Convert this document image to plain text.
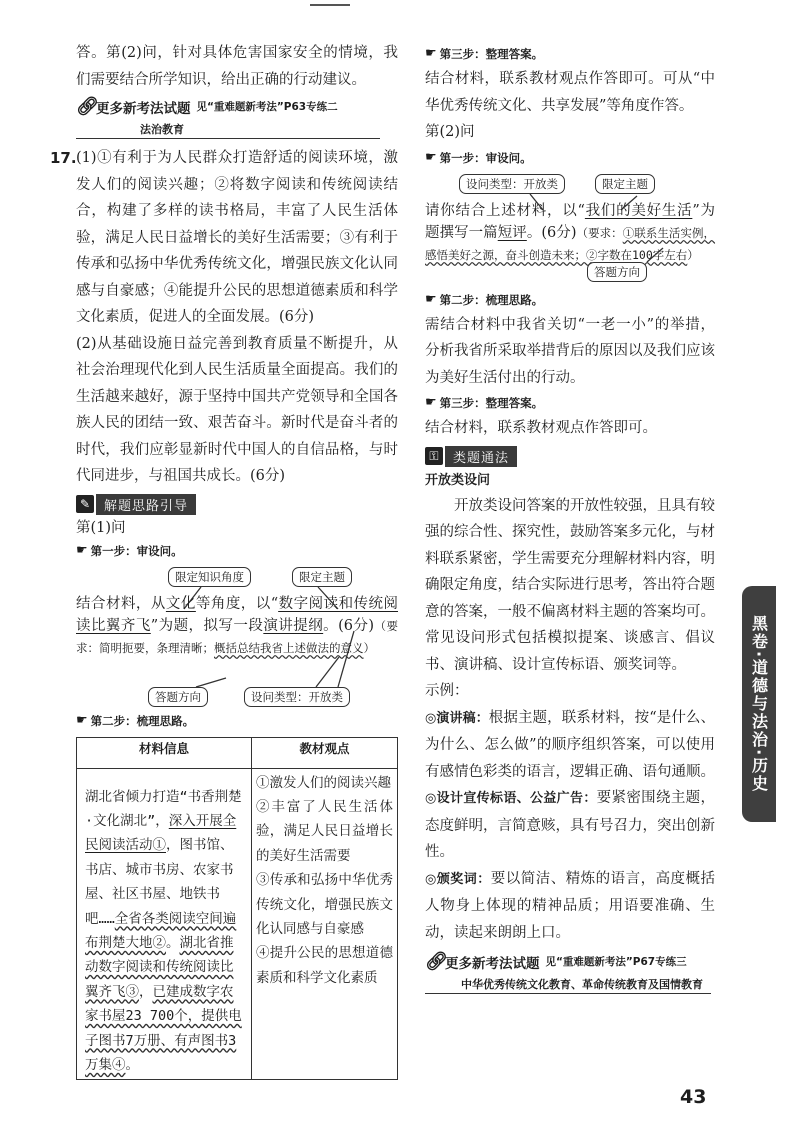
答。第(2)问，针对具体危害国家安全的情境，我们需要结合所学知识，给出正确的行动建议。

🔗︎
更多新考法试题 见“重难题新考法”P63专练二
法治教育
17. (1)①有利于为人民群众打造舒适的阅读环境，激发人们的阅读兴趣；②将数字阅读和传统阅读结合，构建了多样的读书格局，丰富了人民生活体验，满足人民日益增长的美好生活需要；③有利于传承和弘扬中华优秀传统文化，增强民族文化认同感与自豪感；④能提升公民的思想道德素质和科学文化素质，促进人的全面发展。(6分)

(2)从基础设施日益完善到教育质量不断提升，从社会治理现代化到人民生活质量全面提高。我们的生活越来越好，源于坚持中国共产党领导和全国各族人民的团结一致、艰苦奋斗。新时代是奋斗者的时代，我们应彰显新时代中国人的自信品格，与时代同进步，与祖国共成长。(6分)

✎	解题思路引导

第(1)问

☛ 第一步：审设问。
限定知识角度	限定主题

结合材料，从文化等角度，以“数字阅读和传统阅读比翼齐飞”为题，拟写一段演讲提纲。(6分)（要求：简明扼要，条理清晰；概括总结我省上述做法的意义）

答题方向	设问类型：开放类
☛ 第二步：梳理思路。
材料信息	教材观点
湖北省倾力打造“书香荆楚·文化湖北”，深入开展全民阅读活动①，图书馆、书店、城市书房、农家书屋、社区书屋、地铁书吧……全省各类阅读空间遍布荆楚大地②。湖北省推动数字阅读和传统阅读比翼齐飞③，已建成数字农家书屋23 700个，提供电子图书7万册、有声图书3万集④。	①激发人们的阅读兴趣
②丰富了人民生活体验，满足人民日益增长的美好生活需要
③传承和弘扬中华优秀传统文化，增强民族文化认同感与自豪感
④提升公民的思想道德素质和科学文化素质
☛ 第三步：整理答案。

结合材料，联系教材观点作答即可。可从“中华优秀传统文化、共享发展”等角度作答。

第(2)问

☛ 第一步：审设问。
设问类型：开放类	限定主题

请你结合上述材料，以“我们的美好生活”为题撰写一篇短评。(6分)（要求：①联系生活实例，感悟美好之源，奋斗创造未来；②字数在100字左右）

答题方向
☛ 第二步：梳理思路。

需结合材料中我省关切“一老一小”的举措，分析我省所采取举措背后的原因以及我们应该为美好生活付出的行动。

☛ 第三步：整理答案。

结合材料，联系教材观点作答即可。

⚿	类题通法

开放类设问

开放类设问答案的开放性较强，且具有较强的综合性、探究性，鼓励答案多元化，与材料联系紧密，学生需要充分理解材料内容，明确限定角度，结合实际进行思考，答出符合题意的答案，一般不偏离材料主题的答案均可。常见设问形式包括模拟提案、谈感言、倡议书、演讲稿、设计宣传标语、颁奖词等。

示例：

◎演讲稿：根据主题，联系材料，按“是什么、为什么、怎么做”的顺序组织答案，可以使用有感情色彩类的语言，逻辑正确、语句通顺。

◎设计宣传标语、公益广告：要紧密围绕主题，态度鲜明，言简意赅，具有号召力，突出创新性。

◎颁奖词：要以简洁、精炼的语言，高度概括人物身上体现的精神品质；用语要准确、生动，读起来朗朗上口。

🔗︎
更多新考法试题 见“重难题新考法”P67专练三
中华优秀传统文化教育、革命传统教育及国情教育
黑卷·道德与法治·历史
43
